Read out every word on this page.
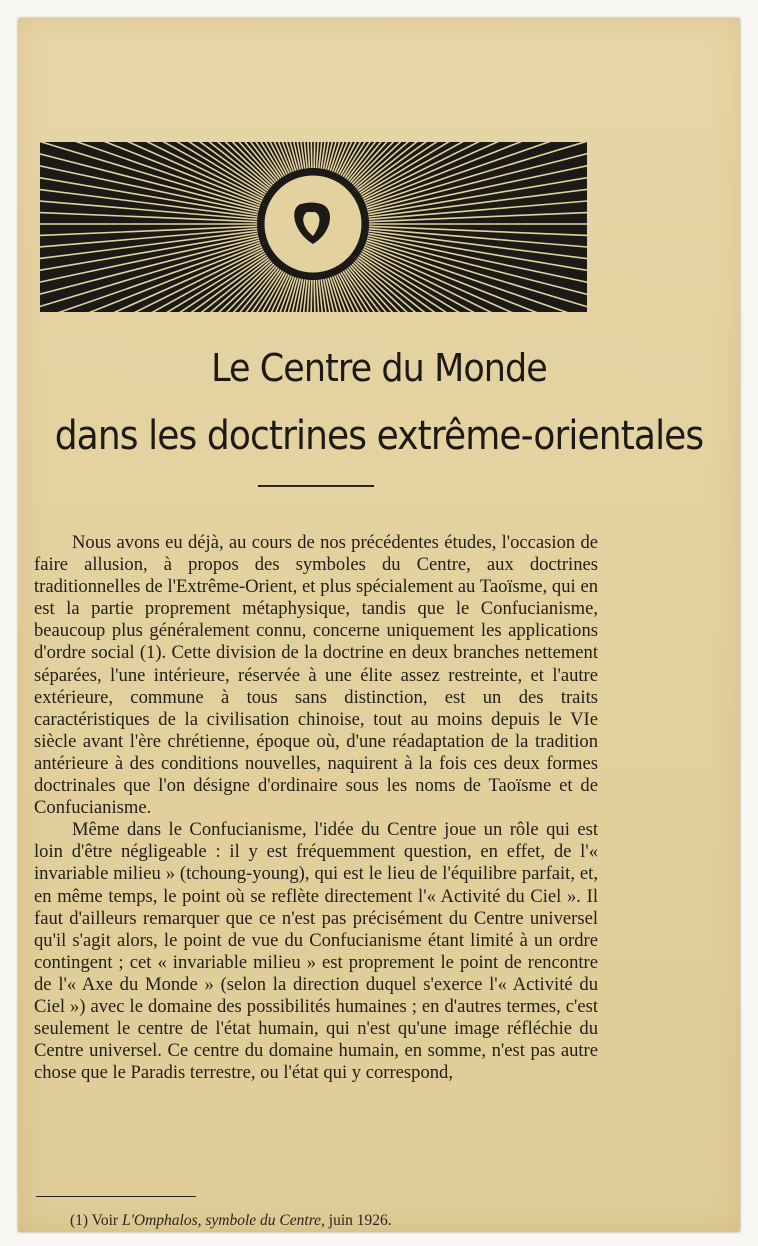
Le Centre du Monde
dans les doctrines extrême-orientales

Nous avons eu déjà, au cours de nos précédentes études, l'occasion de faire allusion, à propos des symboles du Centre, aux doctrines traditionnelles de l'Extrême-Orient, et plus spécialement au Taoïsme, qui en est la partie proprement métaphysique, tandis que le Confucianisme, beaucoup plus généralement connu, concerne uniquement les applications d'ordre social (1). Cette division de la doctrine en deux branches nettement séparées, l'une intérieure, réservée à une élite assez restreinte, et l'autre extérieure, commune à tous sans distinction, est un des traits caractéristiques de la civilisation chinoise, tout au moins depuis le VIe siècle avant l'ère chrétienne, époque où, d'une réadaptation de la tradition antérieure à des conditions nouvelles, naquirent à la fois ces deux formes doctrinales que l'on désigne d'ordinaire sous les noms de Taoïsme et de Confucianisme.

Même dans le Confucianisme, l'idée du Centre joue un rôle qui est loin d'être négligeable : il y est fréquemment question, en effet, de l'« invariable milieu » (tchoung-young), qui est le lieu de l'équilibre parfait, et, en même temps, le point où se reflète directement l'« Activité du Ciel ». Il faut d'ailleurs remarquer que ce n'est pas précisément du Centre universel qu'il s'agit alors, le point de vue du Confucianisme étant limité à un ordre contingent ; cet « invariable milieu » est proprement le point de rencontre de l'« Axe du Monde » (selon la direction duquel s'exerce l'« Activité du Ciel ») avec le domaine des possibilités humaines ; en d'autres termes, c'est seulement le centre de l'état humain, qui n'est qu'une image réfléchie du Centre universel. Ce centre du domaine humain, en somme, n'est pas autre chose que le Paradis terrestre, ou l'état qui y correspond,

(1) Voir L'Omphalos, symbole du Centre, juin 1926.
